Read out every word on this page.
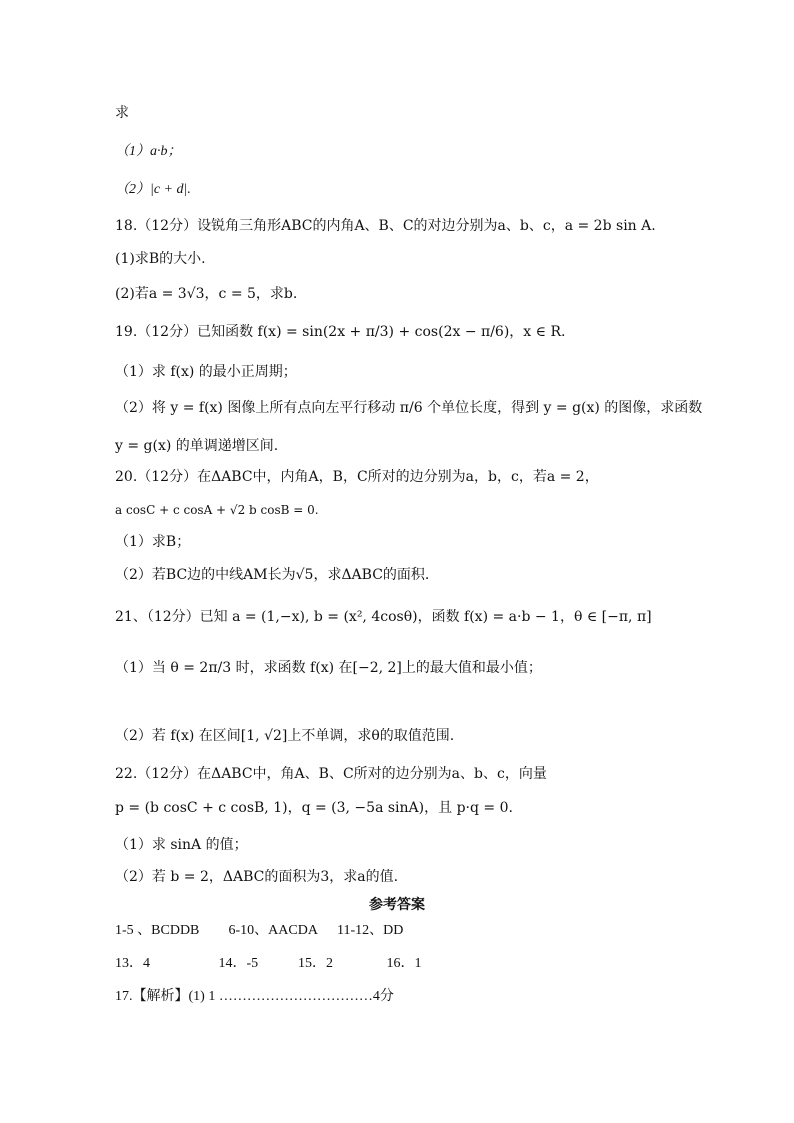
求
（1）a·b；
（2）|c + d|.
18.（12分）设锐角三角形ABC的内角A、B、C的对边分别为a、b、c，a = 2b sin A.
(1)求B的大小.
(2)若a = 3√3，c = 5，求b.
19.（12分）已知函数 f(x) = sin(2x + π/3) + cos(2x − π/6)，x ∈ R.
（1）求 f(x) 的最小正周期；
（2）将 y = f(x) 图像上所有点向左平行移动 π/6 个单位长度，得到 y = g(x) 的图像，求函数
y = g(x) 的单调递增区间.
20.（12分）在ΔABC中，内角A，B，C所对的边分别为a，b，c，若a = 2，
a cosC + c cosA + √2 b cosB = 0.
（1）求B；
（2）若BC边的中线AM长为√5，求ΔABC的面积.
21、（12分）已知 a = (1,−x), b = (x², 4cosθ)，函数 f(x) = a·b − 1，θ ∈ [−π, π]
（1）当 θ = 2π/3 时，求函数 f(x) 在[−2, 2]上的最大值和最小值；
（2）若 f(x) 在区间[1, √2]上不单调，求θ的取值范围.
22.（12分）在ΔABC中，角A、B、C所对的边分别为a、b、c，向量
p = (b cosC + c cosB, 1)，q = (3, −5a sinA)，且 p·q = 0.
（1）求 sinA 的值；
（2）若 b = 2，ΔABC的面积为3，求a的值.
参考答案
1-5 、BCDDB 6-10、AACDA 11-12、DD
13．4	14．-5	15．2	16．1
17.【解析】(1) 1 ……………………………4分
